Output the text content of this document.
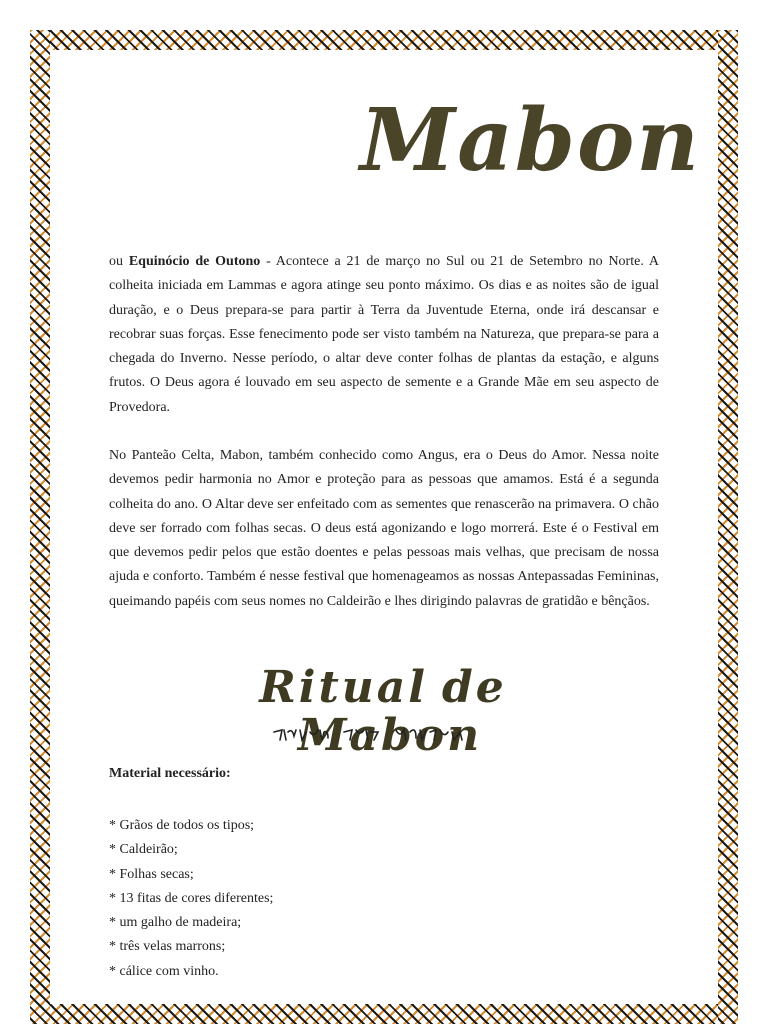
Mabon

ou Equinócio de Outono - Acontece a 21 de março no Sul ou 21 de Setembro no Norte. A colheita iniciada em Lammas e agora atinge seu ponto máximo. Os dias e as noites são de igual duração, e o Deus prepara-se para partir à Terra da Juventude Eterna, onde irá descansar e recobrar suas forças. Esse fenecimento pode ser visto também na Natureza, que prepara-se para a chegada do Inverno. Nesse período, o altar deve conter folhas de plantas da estação, e alguns frutos. O Deus agora é louvado em seu aspecto de semente e a Grande Mãe em seu aspecto de Provedora.

No Panteão Celta, Mabon, também conhecido como Angus, era o Deus do Amor. Nessa noite devemos pedir harmonia no Amor e proteção para as pessoas que amamos. Está é a segunda colheita do ano. O Altar deve ser enfeitado com as sementes que renascerão na primavera. O chão deve ser forrado com folhas secas. O deus está agonizando e logo morrerá. Este é o Festival em que devemos pedir pelos que estão doentes e pelas pessoas mais velhas, que precisam de nossa ajuda e conforto. Também é nesse festival que homenageamos as nossas Antepassadas Femininas, queimando papéis com seus nomes no Caldeirão e lhes dirigindo palavras de gratidão e bênçãos.

Ritual deMabon
Material necessário:
* Grãos de todos os tipos;
* Caldeirão;
* Folhas secas;
* 13 fitas de cores diferentes;
* um galho de madeira;
* três velas marrons;
* cálice com vinho.
